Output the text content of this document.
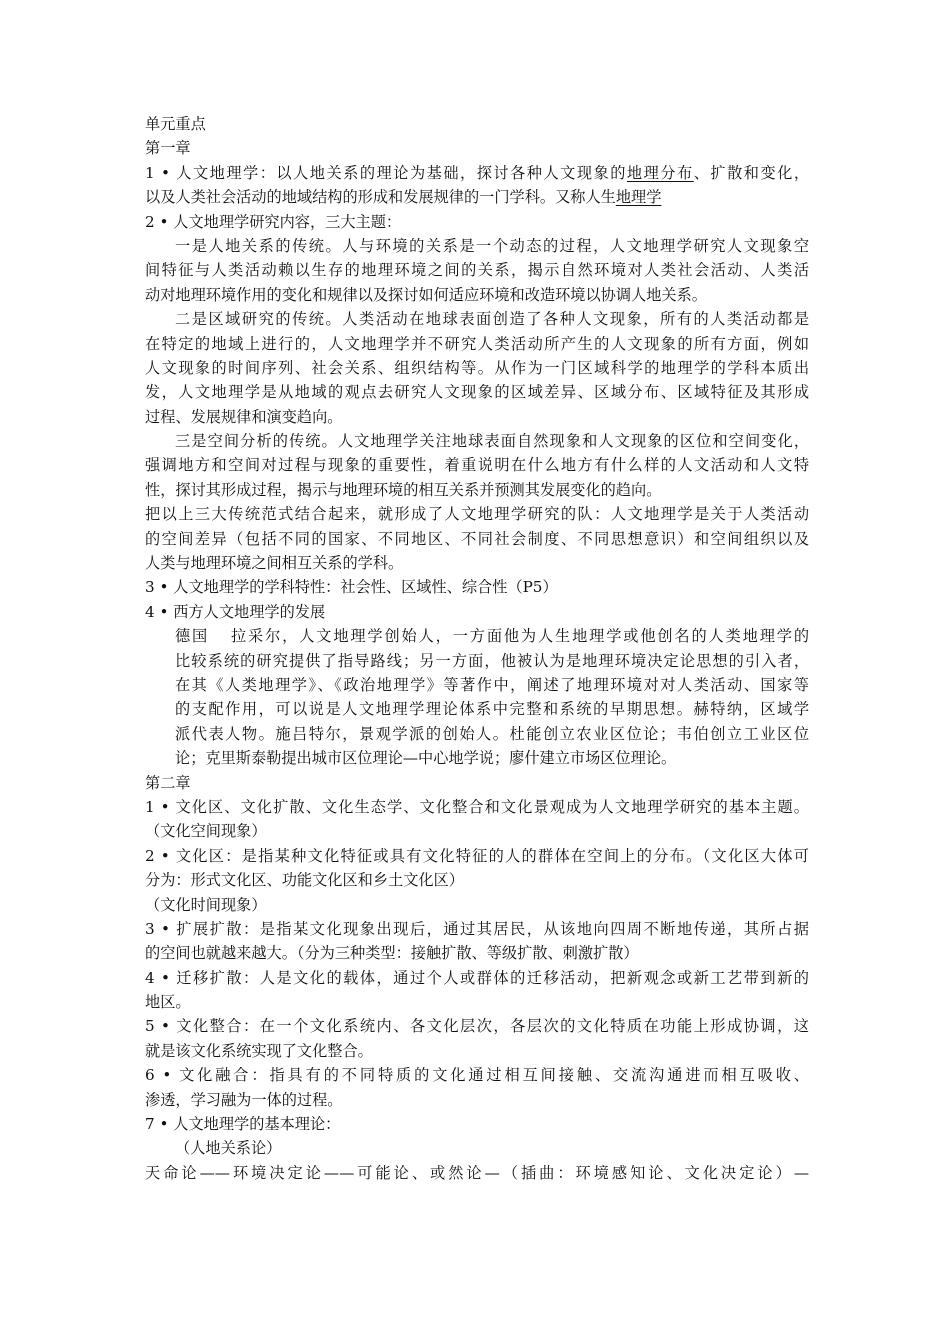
单元重点
第一章
1 • 人文地理学：以人地关系的理论为基础，探讨各种人文现象的地理分布、扩散和变化，
以及人类社会活动的地域结构的形成和发展规律的一门学科。又称人生地理学
2 • 人文地理学研究内容，三大主题：
一是人地关系的传统。人与环境的关系是一个动态的过程，人文地理学研究人文现象空
间特征与人类活动赖以生存的地理环境之间的关系，揭示自然环境对人类社会活动、人类活
动对地理环境作用的变化和规律以及探讨如何适应环境和改造环境以协调人地关系。
二是区域研究的传统。人类活动在地球表面创造了各种人文现象，所有的人类活动都是
在特定的地域上进行的，人文地理学并不研究人类活动所产生的人文现象的所有方面，例如
人文现象的时间序列、社会关系、组织结构等。从作为一门区域科学的地理学的学科本质出
发，人文地理学是从地域的观点去研究人文现象的区域差异、区域分布、区域特征及其形成
过程、发展规律和演变趋向。
三是空间分析的传统。人文地理学关注地球表面自然现象和人文现象的区位和空间变化，
强调地方和空间对过程与现象的重要性，着重说明在什么地方有什么样的人文活动和人文特
性，探讨其形成过程，揭示与地理环境的相互关系并预测其发展变化的趋向。
把以上三大传统范式结合起来，就形成了人文地理学研究的队：人文地理学是关于人类活动
的空间差异（包括不同的国家、不同地区、不同社会制度、不同思想意识）和空间组织以及
人类与地理环境之间相互关系的学科。
3 • 人文地理学的学科特性：社会性、区域性、综合性（P5）
4 • 西方人文地理学的发展
德国 拉采尔，人文地理学创始人，一方面他为人生地理学或他创名的人类地理学的
比较系统的研究提供了指导路线；另一方面，他被认为是地理环境决定论思想的引入者，
在其《人类地理学》、《政治地理学》等著作中，阐述了地理环境对对人类活动、国家等
的支配作用，可以说是人文地理学理论体系中完整和系统的早期思想。赫特纳，区域学
派代表人物。施吕特尔，景观学派的创始人。杜能创立农业区位论；韦伯创立工业区位
论；克里斯泰勒提出城市区位理论—中心地学说；廖什建立市场区位理论。
第二章
1 • 文化区、文化扩散、文化生态学、文化整合和文化景观成为人文地理学研究的基本主题。
（文化空间现象）
2 • 文化区：是指某种文化特征或具有文化特征的人的群体在空间上的分布。（文化区大体可
分为：形式文化区、功能文化区和乡土文化区）
（文化时间现象）
3 • 扩展扩散：是指某文化现象出现后，通过其居民，从该地向四周不断地传递，其所占据
的空间也就越来越大。（分为三种类型：接触扩散、等级扩散、刺激扩散）
4 • 迁移扩散：人是文化的载体，通过个人或群体的迁移活动，把新观念或新工艺带到新的
地区。
5 • 文化整合：在一个文化系统内、各文化层次，各层次的文化特质在功能上形成协调，这
就是该文化系统实现了文化整合。
6 • 文化融合：指具有的不同特质的文化通过相互间接触、交流沟通进而相互吸收、
渗透，学习融为一体的过程。
7 • 人文地理学的基本理论：
（人地关系论）
天命论——环境决定论——可能论、或然论—（插曲：环境感知论、文化决定论）—
